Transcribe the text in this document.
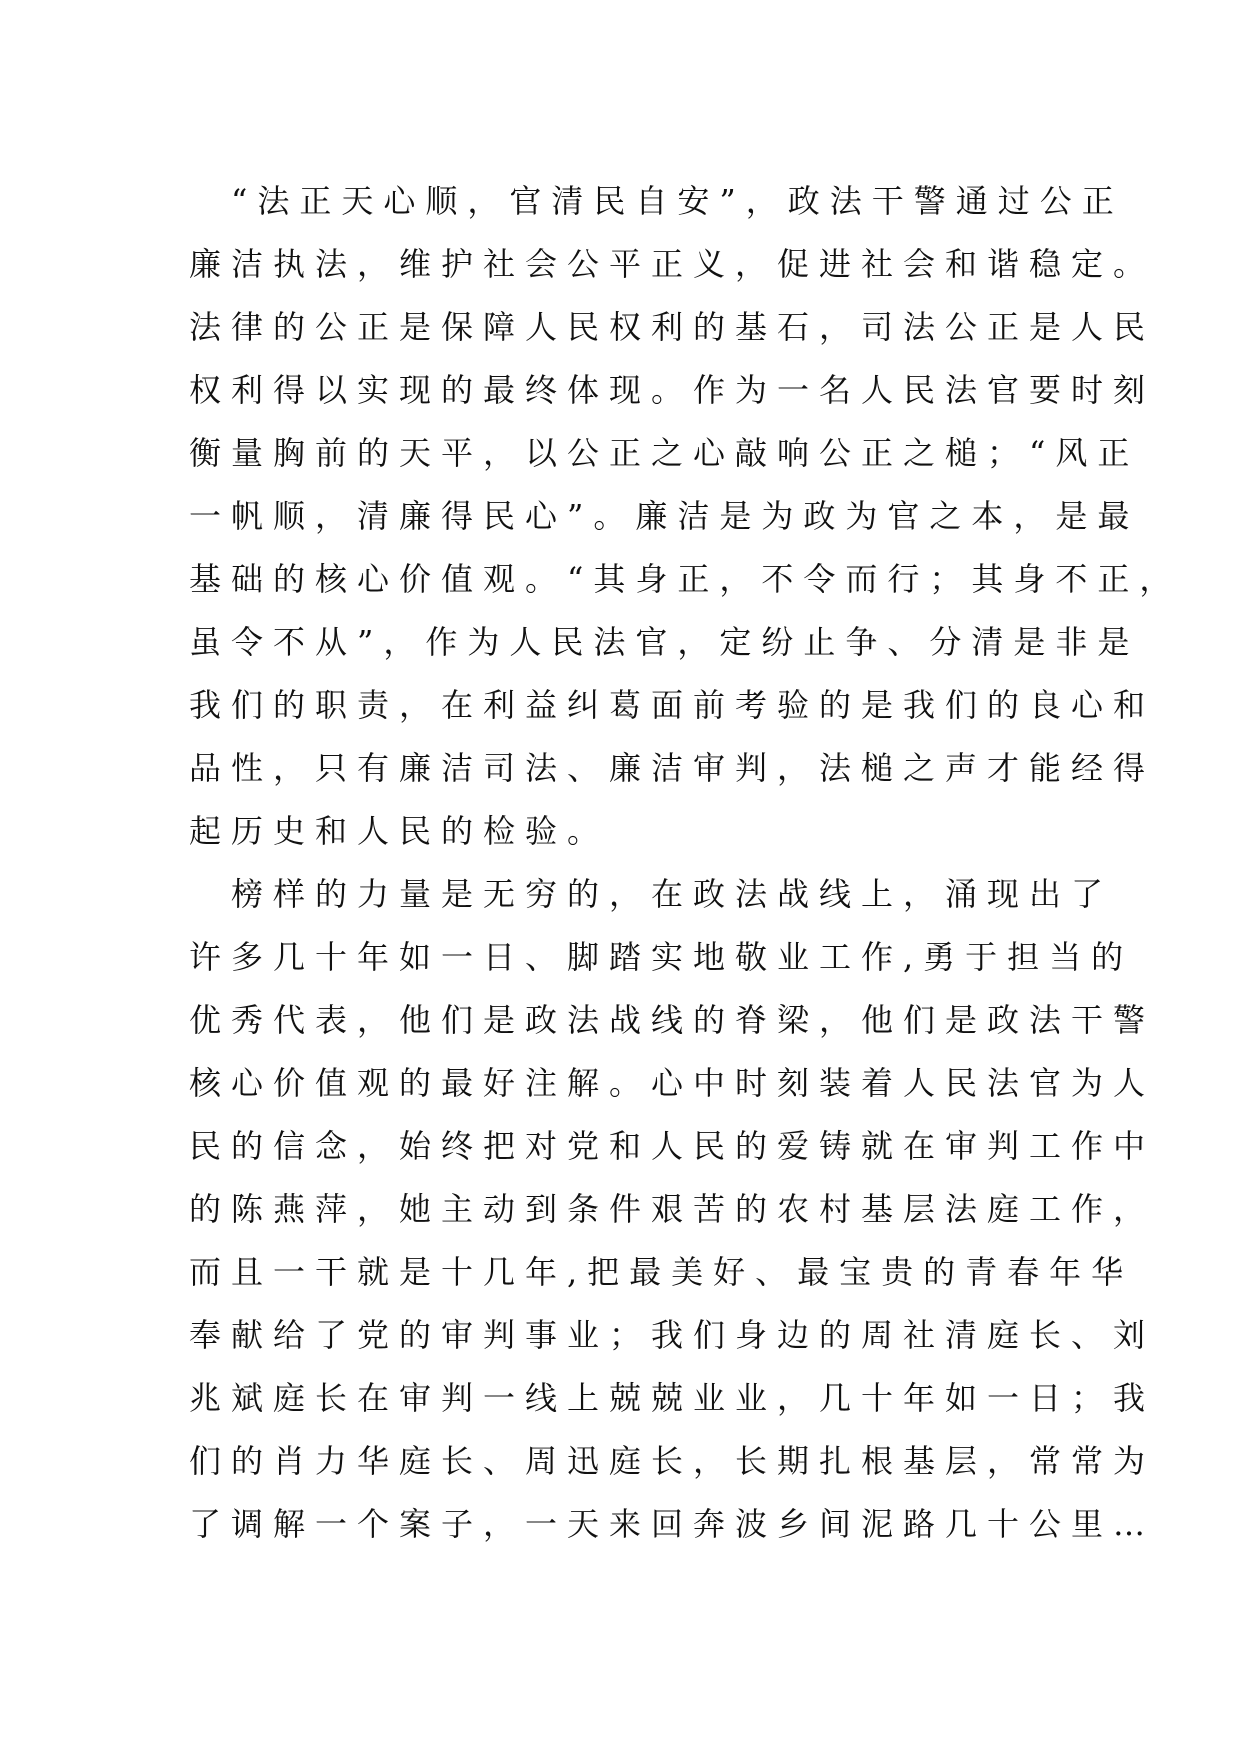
　“法正天心顺，官清民自安”，政法干警通过公正
廉洁执法，维护社会公平正义，促进社会和谐稳定。
法律的公正是保障人民权利的基石，司法公正是人民
权利得以实现的最终体现。作为一名人民法官要时刻
衡量胸前的天平，以公正之心敲响公正之槌；“风正
一帆顺，清廉得民心”。廉洁是为政为官之本，是最
基础的核心价值观。“其身正，不令而行；其身不正，
虽令不从”，作为人民法官，定纷止争、分清是非是
我们的职责，在利益纠葛面前考验的是我们的良心和
品性，只有廉洁司法、廉洁审判，法槌之声才能经得
起历史和人民的检验。
　榜样的力量是无穷的，在政法战线上，涌现出了
许多几十年如一日、脚踏实地敬业工作,勇于担当的
优秀代表，他们是政法战线的脊梁，他们是政法干警
核心价值观的最好注解。心中时刻装着人民法官为人
民的信念，始终把对党和人民的爱铸就在审判工作中
的陈燕萍，她主动到条件艰苦的农村基层法庭工作，
而且一干就是十几年,把最美好、最宝贵的青春年华
奉献给了党的审判事业；我们身边的周社清庭长、刘
兆斌庭长在审判一线上兢兢业业，几十年如一日；我
们的肖力华庭长、周迅庭长，长期扎根基层，常常为
了调解一个案子，一天来回奔波乡间泥路几十公里…
